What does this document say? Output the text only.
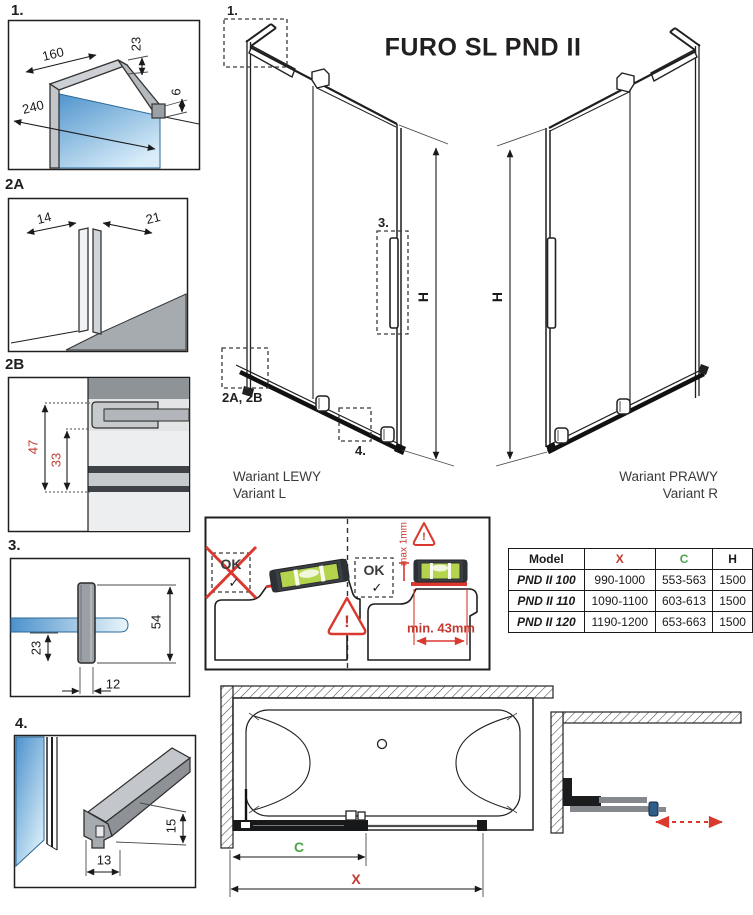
FURO SL PND II
1.
160
23
240
6
2A
14	21
2B
47
33
3.
54
23
12
4.
13
15
1.
3.
2A, 2B
4.
H	H
Wariant LEWY
Variant L
Wariant PRAWY
Variant R
OK
✓
OK
✓
!
!
max 1mm
min. 43mm
C
X
Model	X	C	H
PND II 100	990-1000	553-563	1500
PND II 110	1090-1100	603-613	1500
PND II 120	1190-1200	653-663	1500
